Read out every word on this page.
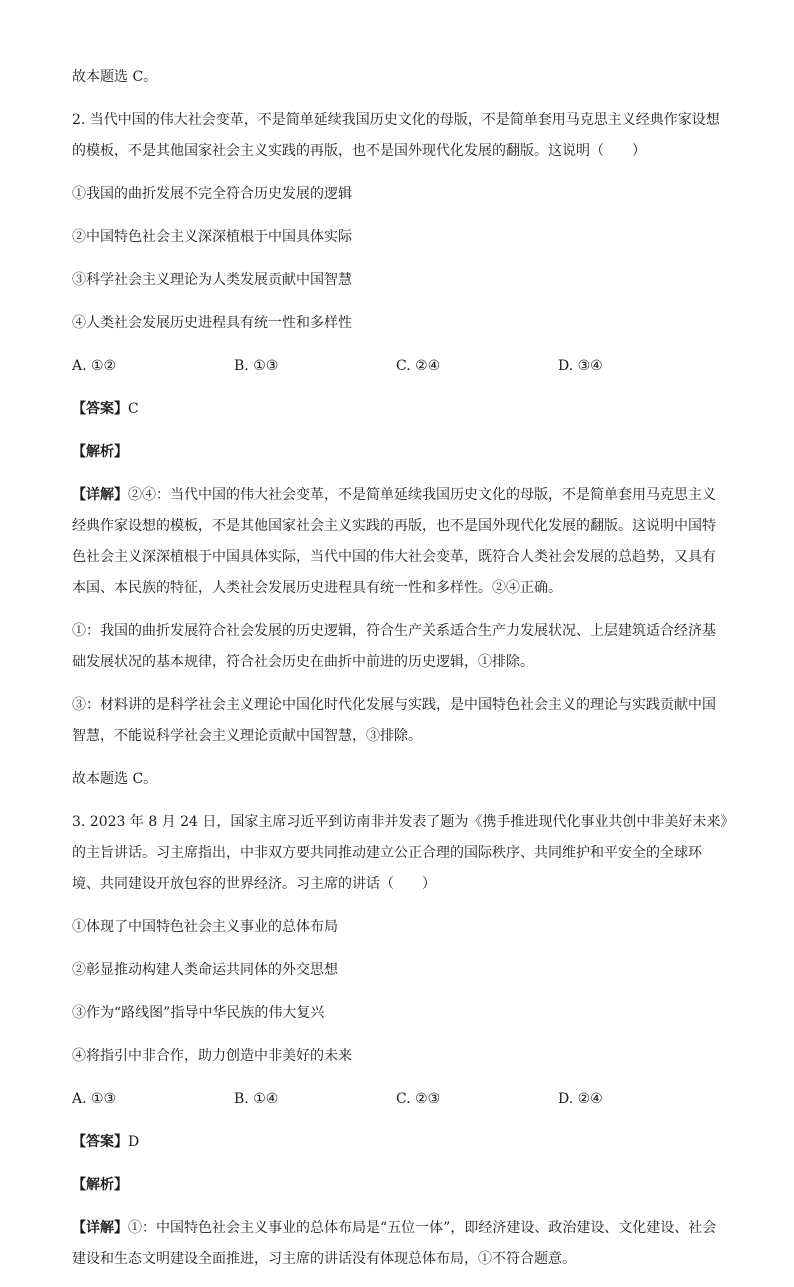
故本题选 C。
2. 当代中国的伟大社会变革，不是简单延续我国历史文化的母版，不是简单套用马克思主义经典作家设想
的模板，不是其他国家社会主义实践的再版，也不是国外现代化发展的翻版。这说明（　　）
①我国的曲折发展不完全符合历史发展的逻辑
②中国特色社会主义深深植根于中国具体实际
③科学社会主义理论为人类发展贡献中国智慧
④人类社会发展历史进程具有统一性和多样性
A. ①②	B. ①③	C. ②④	D. ③④
【答案】C
【解析】
【详解】②④：当代中国的伟大社会变革，不是简单延续我国历史文化的母版，不是简单套用马克思主义
经典作家设想的模板，不是其他国家社会主义实践的再版，也不是国外现代化发展的翻版。这说明中国特
色社会主义深深植根于中国具体实际，当代中国的伟大社会变革，既符合人类社会发展的总趋势，又具有
本国、本民族的特征，人类社会发展历史进程具有统一性和多样性。②④正确。
①：我国的曲折发展符合社会发展的历史逻辑，符合生产关系适合生产力发展状况、上层建筑适合经济基
础发展状况的基本规律，符合社会历史在曲折中前进的历史逻辑，①排除。
③：材料讲的是科学社会主义理论中国化时代化发展与实践，是中国特色社会主义的理论与实践贡献中国
智慧，不能说科学社会主义理论贡献中国智慧，③排除。
故本题选 C。
3. 2023 年 8 月 24 日，国家主席习近平到访南非并发表了题为《携手推进现代化事业共创中非美好未来》
的主旨讲话。习主席指出，中非双方要共同推动建立公正合理的国际秩序、共同维护和平安全的全球环
境、共同建设开放包容的世界经济。习主席的讲话（　　）
①体现了中国特色社会主义事业的总体布局
②彰显推动构建人类命运共同体的外交思想
③作为“路线图”指导中华民族的伟大复兴
④将指引中非合作，助力创造中非美好的未来
A. ①③	B. ①④	C. ②③	D. ②④
【答案】D
【解析】
【详解】①：中国特色社会主义事业的总体布局是“五位一体”，即经济建设、政治建设、文化建设、社会
建设和生态文明建设全面推进，习主席的讲话没有体现总体布局，①不符合题意。
